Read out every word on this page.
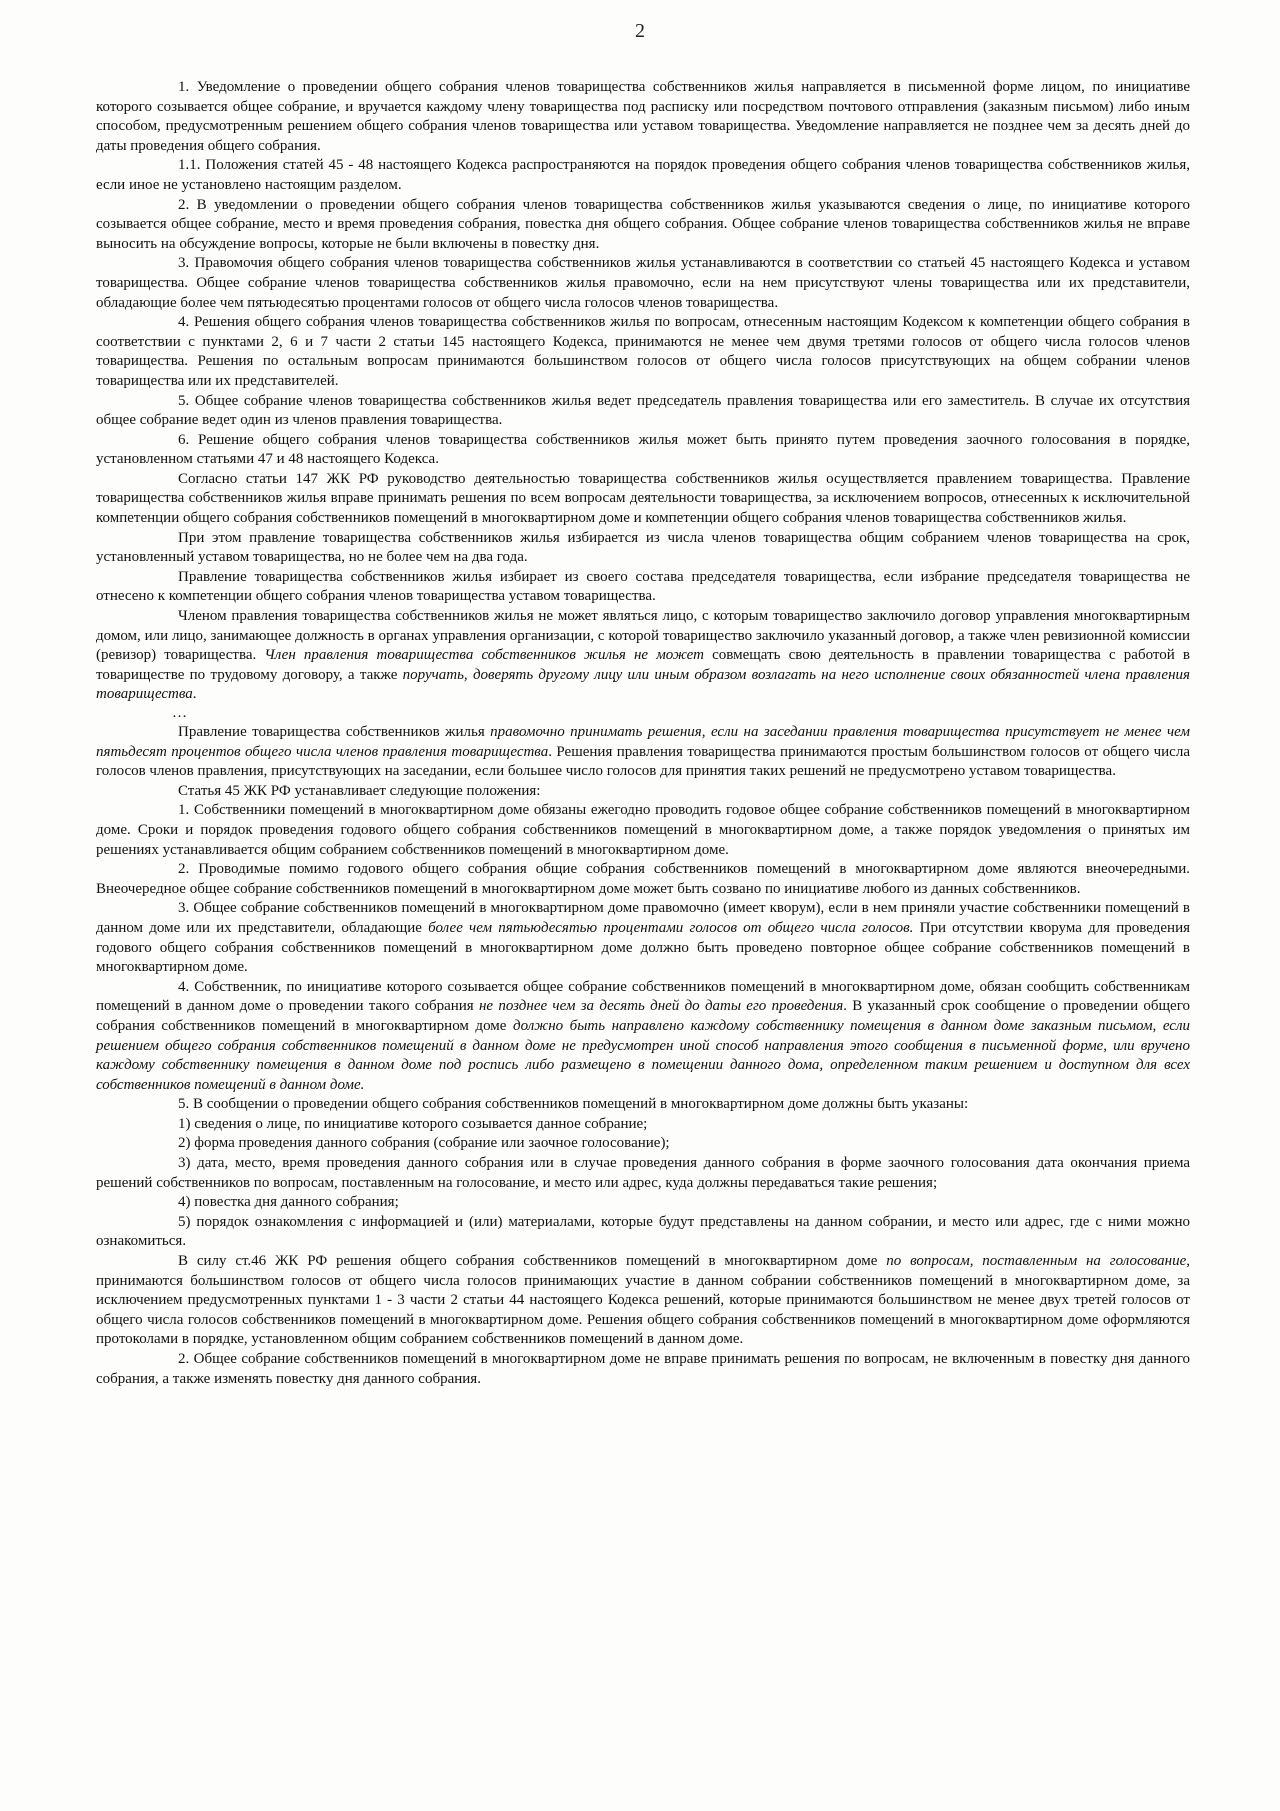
2

1. Уведомление о проведении общего собрания членов товарищества собственников жилья направляется в письменной форме лицом, по инициативе которого созывается общее собрание, и вручается каждому члену товарищества под расписку или посредством почтового отправления (заказным письмом) либо иным способом, предусмотренным решением общего собрания членов товарищества или уставом товарищества. Уведомление направляется не позднее чем за десять дней до даты проведения общего собрания.

1.1. Положения статей 45 - 48 настоящего Кодекса распространяются на порядок проведения общего собрания членов товарищества собственников жилья, если иное не установлено настоящим разделом.

2. В уведомлении о проведении общего собрания членов товарищества собственников жилья указываются сведения о лице, по инициативе которого созывается общее собрание, место и время проведения собрания, повестка дня общего собрания. Общее собрание членов товарищества собственников жилья не вправе выносить на обсуждение вопросы, которые не были включены в повестку дня.

3. Правомочия общего собрания членов товарищества собственников жилья устанавливаются в соответствии со статьей 45 настоящего Кодекса и уставом товарищества. Общее собрание членов товарищества собственников жилья правомочно, если на нем присутствуют члены товарищества или их представители, обладающие более чем пятьюдесятью процентами голосов от общего числа голосов членов товарищества.

4. Решения общего собрания членов товарищества собственников жилья по вопросам, отнесенным настоящим Кодексом к компетенции общего собрания в соответствии с пунктами 2, 6 и 7 части 2 статьи 145 настоящего Кодекса, принимаются не менее чем двумя третями голосов от общего числа голосов членов товарищества. Решения по остальным вопросам принимаются большинством голосов от общего числа голосов присутствующих на общем собрании членов товарищества или их представителей.

5. Общее собрание членов товарищества собственников жилья ведет председатель правления товарищества или его заместитель. В случае их отсутствия общее собрание ведет один из членов правления товарищества.

6. Решение общего собрания членов товарищества собственников жилья может быть принято путем проведения заочного голосования в порядке, установленном статьями 47 и 48 настоящего Кодекса.

Согласно статьи 147 ЖК РФ руководство деятельностью товарищества собственников жилья осуществляется правлением товарищества. Правление товарищества собственников жилья вправе принимать решения по всем вопросам деятельности товарищества, за исключением вопросов, отнесенных к исключительной компетенции общего собрания собственников помещений в многоквартирном доме и компетенции общего собрания членов товарищества собственников жилья.

При этом правление товарищества собственников жилья избирается из числа членов товарищества общим собранием членов товарищества на срок, установленный уставом товарищества, но не более чем на два года.

Правление товарищества собственников жилья избирает из своего состава председателя товарищества, если избрание председателя товарищества не отнесено к компетенции общего собрания членов товарищества уставом товарищества.

Членом правления товарищества собственников жилья не может являться лицо, с которым товарищество заключило договор управления многоквартирным домом, или лицо, занимающее должность в органах управления организации, с которой товарищество заключило указанный договор, а также член ревизионной комиссии (ревизор) товарищества. Член правления товарищества собственников жилья не может совмещать свою деятельность в правлении товарищества с работой в товариществе по трудовому договору, а также поручать, доверять другому лицу или иным образом возлагать на него исполнение своих обязанностей члена правления товарищества.

…

Правление товарищества собственников жилья правомочно принимать решения, если на заседании правления товарищества присутствует не менее чем пятьдесят процентов общего числа членов правления товарищества. Решения правления товарищества принимаются простым большинством голосов от общего числа голосов членов правления, присутствующих на заседании, если большее число голосов для принятия таких решений не предусмотрено уставом товарищества.

Статья 45 ЖК РФ устанавливает следующие положения:

1. Собственники помещений в многоквартирном доме обязаны ежегодно проводить годовое общее собрание собственников помещений в многоквартирном доме. Сроки и порядок проведения годового общего собрания собственников помещений в многоквартирном доме, а также порядок уведомления о принятых им решениях устанавливается общим собранием собственников помещений в многоквартирном доме.

2. Проводимые помимо годового общего собрания общие собрания собственников помещений в многоквартирном доме являются внеочередными. Внеочередное общее собрание собственников помещений в многоквартирном доме может быть созвано по инициативе любого из данных собственников.

3. Общее собрание собственников помещений в многоквартирном доме правомочно (имеет кворум), если в нем приняли участие собственники помещений в данном доме или их представители, обладающие более чем пятьюдесятью процентами голосов от общего числа голосов. При отсутствии кворума для проведения годового общего собрания собственников помещений в многоквартирном доме должно быть проведено повторное общее собрание собственников помещений в многоквартирном доме.

4. Собственник, по инициативе которого созывается общее собрание собственников помещений в многоквартирном доме, обязан сообщить собственникам помещений в данном доме о проведении такого собрания не позднее чем за десять дней до даты его проведения. В указанный срок сообщение о проведении общего собрания собственников помещений в многоквартирном доме должно быть направлено каждому собственнику помещения в данном доме заказным письмом, если решением общего собрания собственников помещений в данном доме не предусмотрен иной способ направления этого сообщения в письменной форме, или вручено каждому собственнику помещения в данном доме под роспись либо размещено в помещении данного дома, определенном таким решением и доступном для всех собственников помещений в данном доме.

5. В сообщении о проведении общего собрания собственников помещений в многоквартирном доме должны быть указаны:

1) сведения о лице, по инициативе которого созывается данное собрание;

2) форма проведения данного собрания (собрание или заочное голосование);

3) дата, место, время проведения данного собрания или в случае проведения данного собрания в форме заочного голосования дата окончания приема решений собственников по вопросам, поставленным на голосование, и место или адрес, куда должны передаваться такие решения;

4) повестка дня данного собрания;

5) порядок ознакомления с информацией и (или) материалами, которые будут представлены на данном собрании, и место или адрес, где с ними можно ознакомиться.

В силу ст.46 ЖК РФ решения общего собрания собственников помещений в многоквартирном доме по вопросам, поставленным на голосование, принимаются большинством голосов от общего числа голосов принимающих участие в данном собрании собственников помещений в многоквартирном доме, за исключением предусмотренных пунктами 1 - 3 части 2 статьи 44 настоящего Кодекса решений, которые принимаются большинством не менее двух третей голосов от общего числа голосов собственников помещений в многоквартирном доме. Решения общего собрания собственников помещений в многоквартирном доме оформляются протоколами в порядке, установленном общим собранием собственников помещений в данном доме.

2. Общее собрание собственников помещений в многоквартирном доме не вправе принимать решения по вопросам, не включенным в повестку дня данного собрания, а также изменять повестку дня данного собрания.
